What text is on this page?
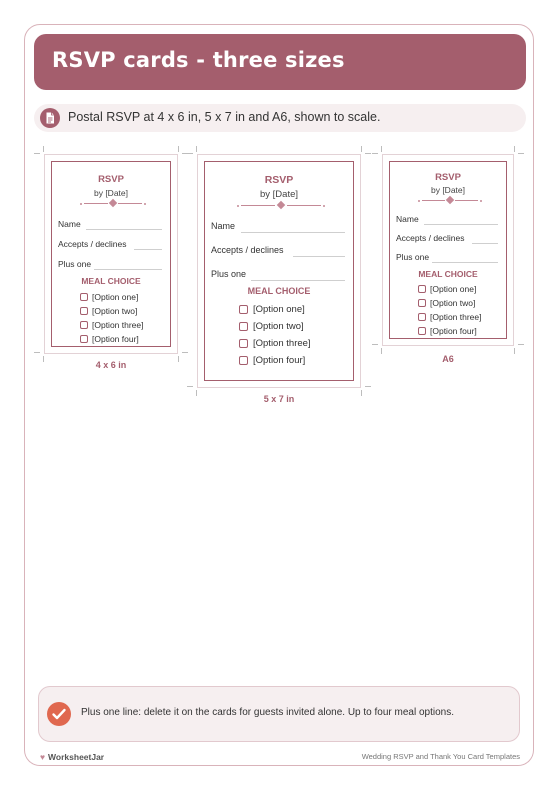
RSVP cards - three sizes
Postal RSVP at 4 x 6 in, 5 x 7 in and A6, shown to scale.
RSVP
by [Date]
Name
Accepts / declines
Plus one
MEAL CHOICE
[Option one]
[Option two]
[Option three]
[Option four]
4 x 6 in
RSVP
by [Date]
Name
Accepts / declines
Plus one
MEAL CHOICE
[Option one]
[Option two]
[Option three]
[Option four]
5 x 7 in
RSVP
by [Date]
Name
Accepts / declines
Plus one
MEAL CHOICE
[Option one]
[Option two]
[Option three]
[Option four]
A6
Plus one line: delete it on the cards for guests invited alone. Up to four meal options.
♥ WorksheetJar	Wedding RSVP and Thank You Card Templates
